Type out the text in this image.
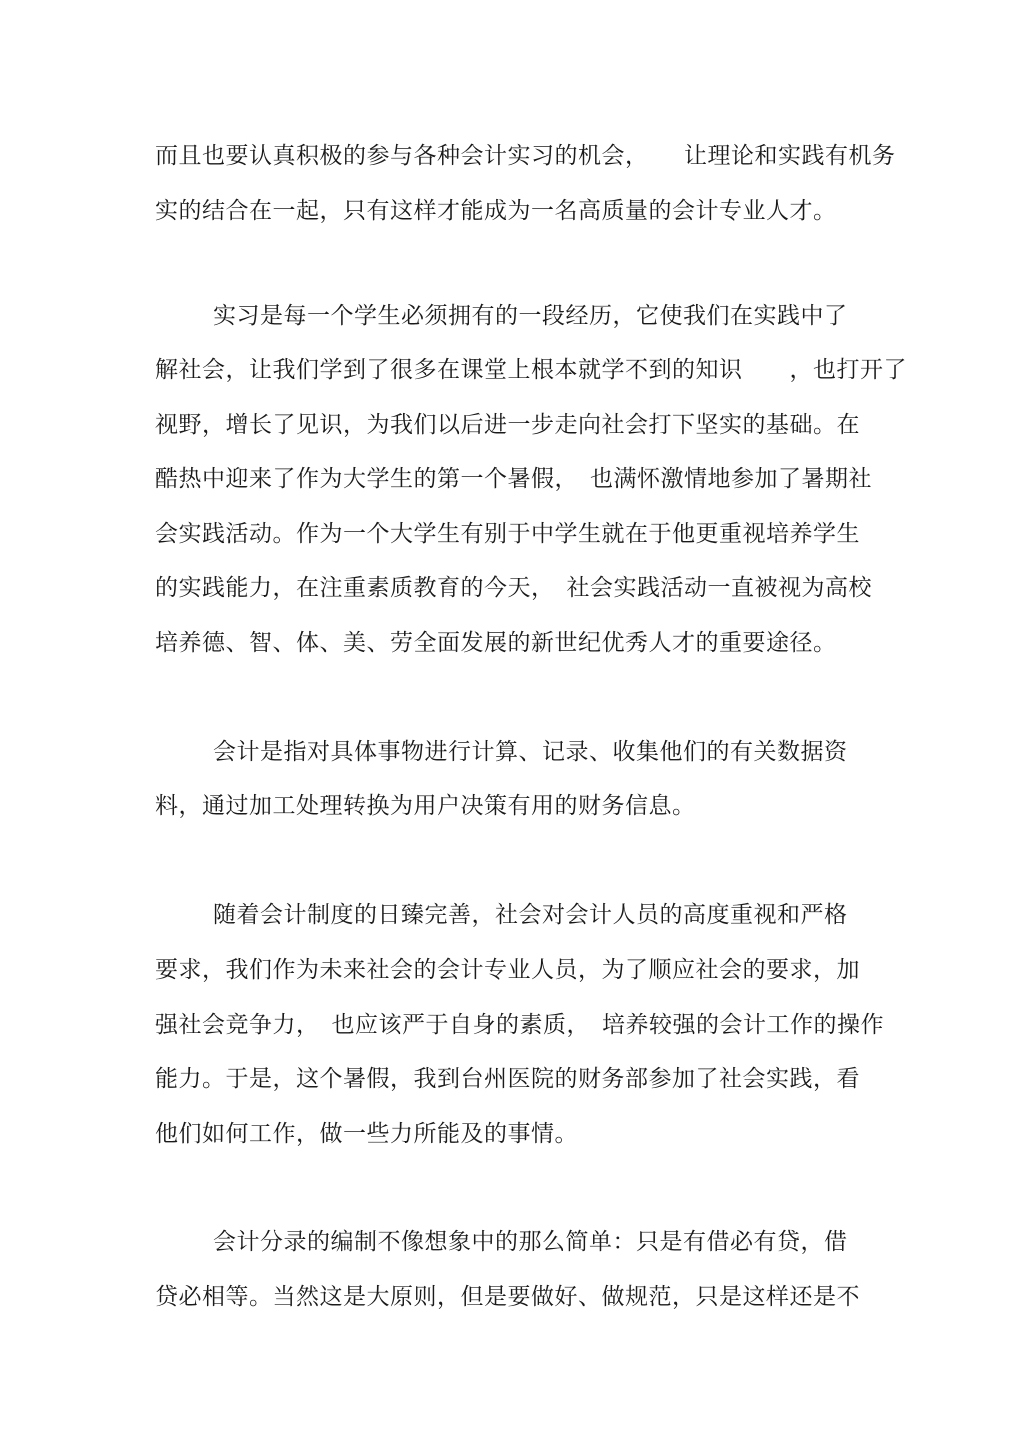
而且也要认真积极的参与各种会计实习的机会，　　让理论和实践有机务
实的结合在一起，只有这样才能成为一名高质量的会计专业人才。
实习是每一个学生必须拥有的一段经历，它使我们在实践中了
解社会，让我们学到了很多在课堂上根本就学不到的知识　　，也打开了
视野，增长了见识，为我们以后进一步走向社会打下坚实的基础。在
酷热中迎来了作为大学生的第一个暑假，　也满怀激情地参加了暑期社
会实践活动。作为一个大学生有别于中学生就在于他更重视培养学生
的实践能力，在注重素质教育的今天，　社会实践活动一直被视为高校
培养德、智、体、美、劳全面发展的新世纪优秀人才的重要途径。
会计是指对具体事物进行计算、记录、收集他们的有关数据资
料，通过加工处理转换为用户决策有用的财务信息。
随着会计制度的日臻完善，社会对会计人员的高度重视和严格
要求，我们作为未来社会的会计专业人员，为了顺应社会的要求，加
强社会竞争力，　也应该严于自身的素质，　培养较强的会计工作的操作
能力。于是，这个暑假，我到台州医院的财务部参加了社会实践，看
他们如何工作，做一些力所能及的事情。
会计分录的编制不像想象中的那么简单：只是有借必有贷，借
贷必相等。当然这是大原则，但是要做好、做规范，只是这样还是不
